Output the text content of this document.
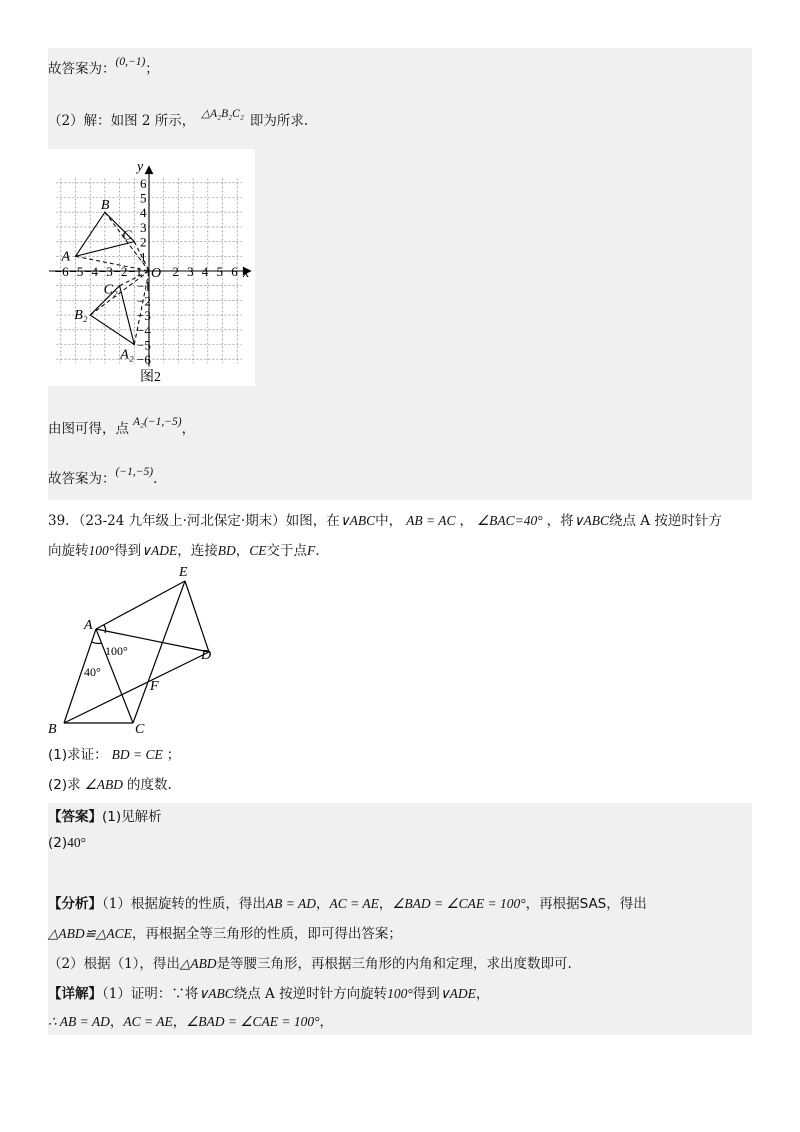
故答案为：(0,−1)；
（2）解：如图 2 所示， △A₂B₂C₂ 即为所求.
−6 −5 −4 −3 −2 −1 2 3 4 5 6
6
5
4
3
2
1
−1
−2
−3
−4
−5
−6
x
y
O
A
B
C
A₂
B₂
C₂
图2
由图可得，点 A₂(−1,−5)，
故答案为：(−1,−5).
39．（23-24 九年级上·河北保定·期末）如图，在∨ABC中， AB = AC ， ∠BAC=40° ，将∨ABC绕点 A 按逆时针方
向旋转100°得到∨ADE，连接BD，CE交于点F.
E
A
D
F
B	C
100°
40°
(1)求证： BD = CE ；
(2)求 ∠ABD 的度数.
【答案】(1)见解析
(2)40°
【分析】（1）根据旋转的性质，得出AB = AD，AC = AE，∠BAD = ∠CAE = 100°，再根据SAS，得出
△ABD≌△ACE，再根据全等三角形的性质，即可得出答案；
（2）根据（1），得出△ABD是等腰三角形，再根据三角形的内角和定理，求出度数即可.
【详解】（1）证明：∵将∨ABC绕点 A 按逆时针方向旋转100°得到∨ADE，
∴ AB = AD，AC = AE，∠BAD = ∠CAE = 100°，
